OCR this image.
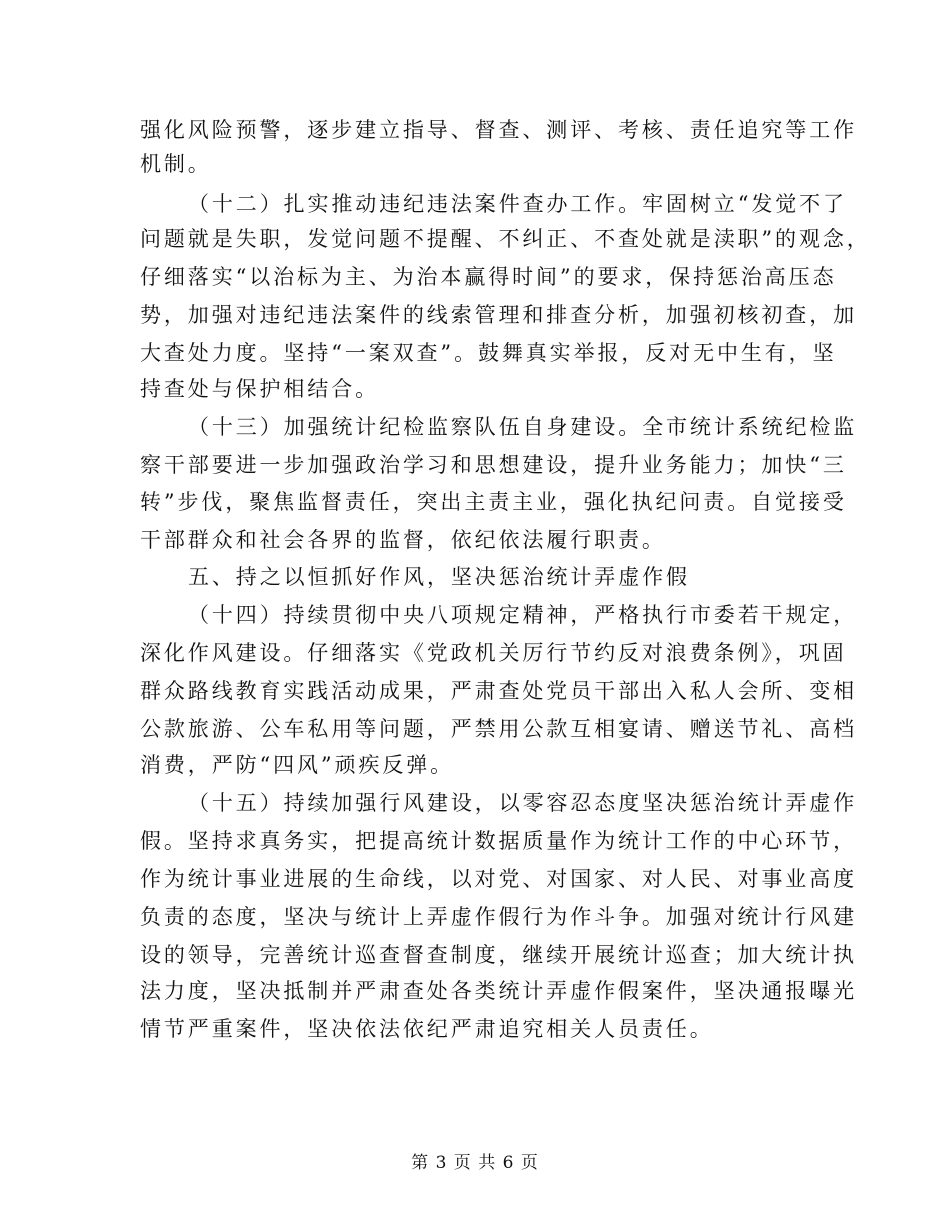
强化风险预警，逐步建立指导、督查、测评、考核、责任追究等工作

机制。

（十二）扎实推动违纪违法案件查办工作。牢固树立“发觉不了

问题就是失职，发觉问题不提醒、不纠正、不查处就是渎职”的观念，

仔细落实“以治标为主、为治本赢得时间”的要求，保持惩治高压态

势，加强对违纪违法案件的线索管理和排查分析，加强初核初查，加

大查处力度。坚持“一案双查”。鼓舞真实举报，反对无中生有，坚

持查处与保护相结合。

（十三）加强统计纪检监察队伍自身建设。全市统计系统纪检监

察干部要进一步加强政治学习和思想建设，提升业务能力；加快“三

转”步伐，聚焦监督责任，突出主责主业，强化执纪问责。自觉接受

干部群众和社会各界的监督，依纪依法履行职责。

五、持之以恒抓好作风，坚决惩治统计弄虚作假

（十四）持续贯彻中央八项规定精神，严格执行市委若干规定，

深化作风建设。仔细落实《党政机关厉行节约反对浪费条例》，巩固

群众路线教育实践活动成果，严肃查处党员干部出入私人会所、变相

公款旅游、公车私用等问题，严禁用公款互相宴请、赠送节礼、高档

消费，严防“四风”顽疾反弹。

（十五）持续加强行风建设，以零容忍态度坚决惩治统计弄虚作

假。坚持求真务实，把提高统计数据质量作为统计工作的中心环节，

作为统计事业进展的生命线，以对党、对国家、对人民、对事业高度

负责的态度，坚决与统计上弄虚作假行为作斗争。加强对统计行风建

设的领导，完善统计巡查督查制度，继续开展统计巡查；加大统计执

法力度，坚决抵制并严肃查处各类统计弄虚作假案件，坚决通报曝光

情节严重案件，坚决依法依纪严肃追究相关人员责任。

第 3 页 共 6 页
